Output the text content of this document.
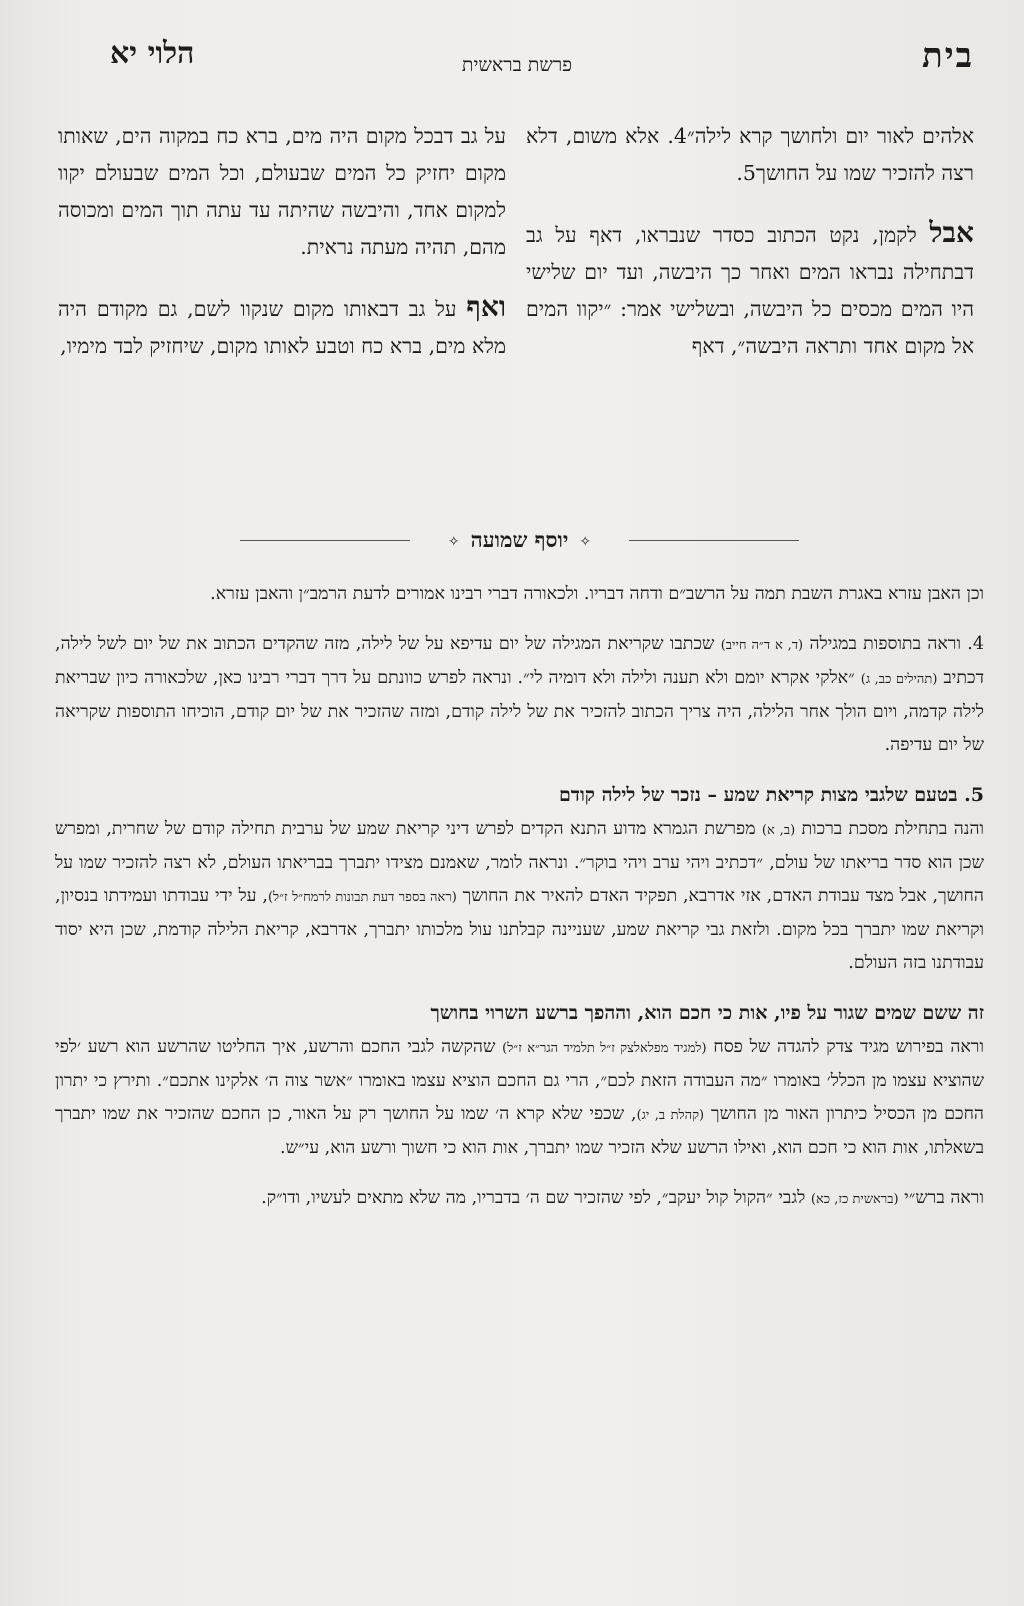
בית
פרשת בראשית
הלוי יא

אלהים לאור יום ולחושך קרא לילה״4. אלא משום, דלא רצה להזכיר שמו על החושך5.

אבל לקמן, נקט הכתוב כסדר שנבראו, דאף על גב דבתחילה נבראו המים ואחר כך היבשה, ועד יום שלישי היו המים מכסים כל היבשה, ובשלישי אמר: ״יקוו המים אל מקום אחד ותראה היבשה״, דאף

על גב דבכל מקום היה מים, ברא כח במקוה הים, שאותו מקום יחזיק כל המים שבעולם, וכל המים שבעולם יקוו למקום אחד, והיבשה שהיתה עד עתה תוך המים ומכוסה מהם, תהיה מעתה נראית.

ואף על גב דבאותו מקום שנקוו לשם, גם מקודם היה מלא מים, ברא כח וטבע לאותו מקום, שיחזיק לבד מימיו,

✧ יוסף שמועה ✧

וכן האבן עזרא באגרת השבת תמה על הרשב״ם ודחה דבריו. ולכאורה דברי רבינו אמורים לדעת הרמב״ן והאבן עזרא.

4. וראה בתוספות במגילה (ד, א ד״ה חייב) שכתבו שקריאת המגילה של יום עדיפא על של לילה, מזה שהקדים הכתוב את של יום לשל לילה, דכתיב (תהילים כב, ג) ״אלקי אקרא יומם ולא תענה ולילה ולא דומיה לי״. ונראה לפרש כוונתם על דרך דברי רבינו כאן, שלכאורה כיון שבריאת לילה קדמה, ויום הולך אחר הלילה, היה צריך הכתוב להזכיר את של לילה קודם, ומזה שהזכיר את של יום קודם, הוכיחו התוספות שקריאה של יום עדיפה.

5. בטעם שלגבי מצות קריאת שמע – נזכר של לילה קודם
והנה בתחילת מסכת ברכות (ב, א) מפרשת הגמרא מדוע התנא הקדים לפרש דיני קריאת שמע של ערבית תחילה קודם של שחרית, ומפרש שכן הוא סדר בריאתו של עולם, ״דכתיב ויהי ערב ויהי בוקר״. ונראה לומר, שאמנם מצידו יתברך בבריאתו העולם, לא רצה להזכיר שמו על החושך, אבל מצד עבודת האדם, אזי אדרבא, תפקיד האדם להאיר את החושך (ראה בספר דעת תבונות לרמח״ל ז״ל), על ידי עבודתו ועמידתו בנסיון, וקריאת שמו יתברך בכל מקום. ולזאת גבי קריאת שמע, שעניינה קבלתנו עול מלכותו יתברך, אדרבא, קריאת הלילה קודמת, שכן היא יסוד עבודתנו בזה העולם.

זה ששם שמים שגור על פיו, אות כי חכם הוא, וההפך ברשע השרוי בחושך
וראה בפירוש מגיד צדק להגדה של פסח (למגיד מפלאלצק ז״ל תלמיד הגר״א ז״ל) שהקשה לגבי החכם והרשע, איך החליטו שהרשע הוא רשע ׳לפי שהוציא עצמו מן הכלל׳ באומרו ״מה העבודה הזאת לכם״, הרי גם החכם הוציא עצמו באומרו ״אשר צוה ה׳ אלקינו אתכם״. ותירץ כי יתרון החכם מן הכסיל כיתרון האור מן החושך (קהלת ב, יג), שכפי שלא קרא ה׳ שמו על החושך רק על האור, כן החכם שהזכיר את שמו יתברך בשאלתו, אות הוא כי חכם הוא, ואילו הרשע שלא הזכיר שמו יתברך, אות הוא כי חשוך ורשע הוא, עי״ש.

וראה ברש״י (בראשית כז, כא) לגבי ״הקול קול יעקב״, לפי שהזכיר שם ה׳ בדבריו, מה שלא מתאים לעשיו, ודו״ק.
